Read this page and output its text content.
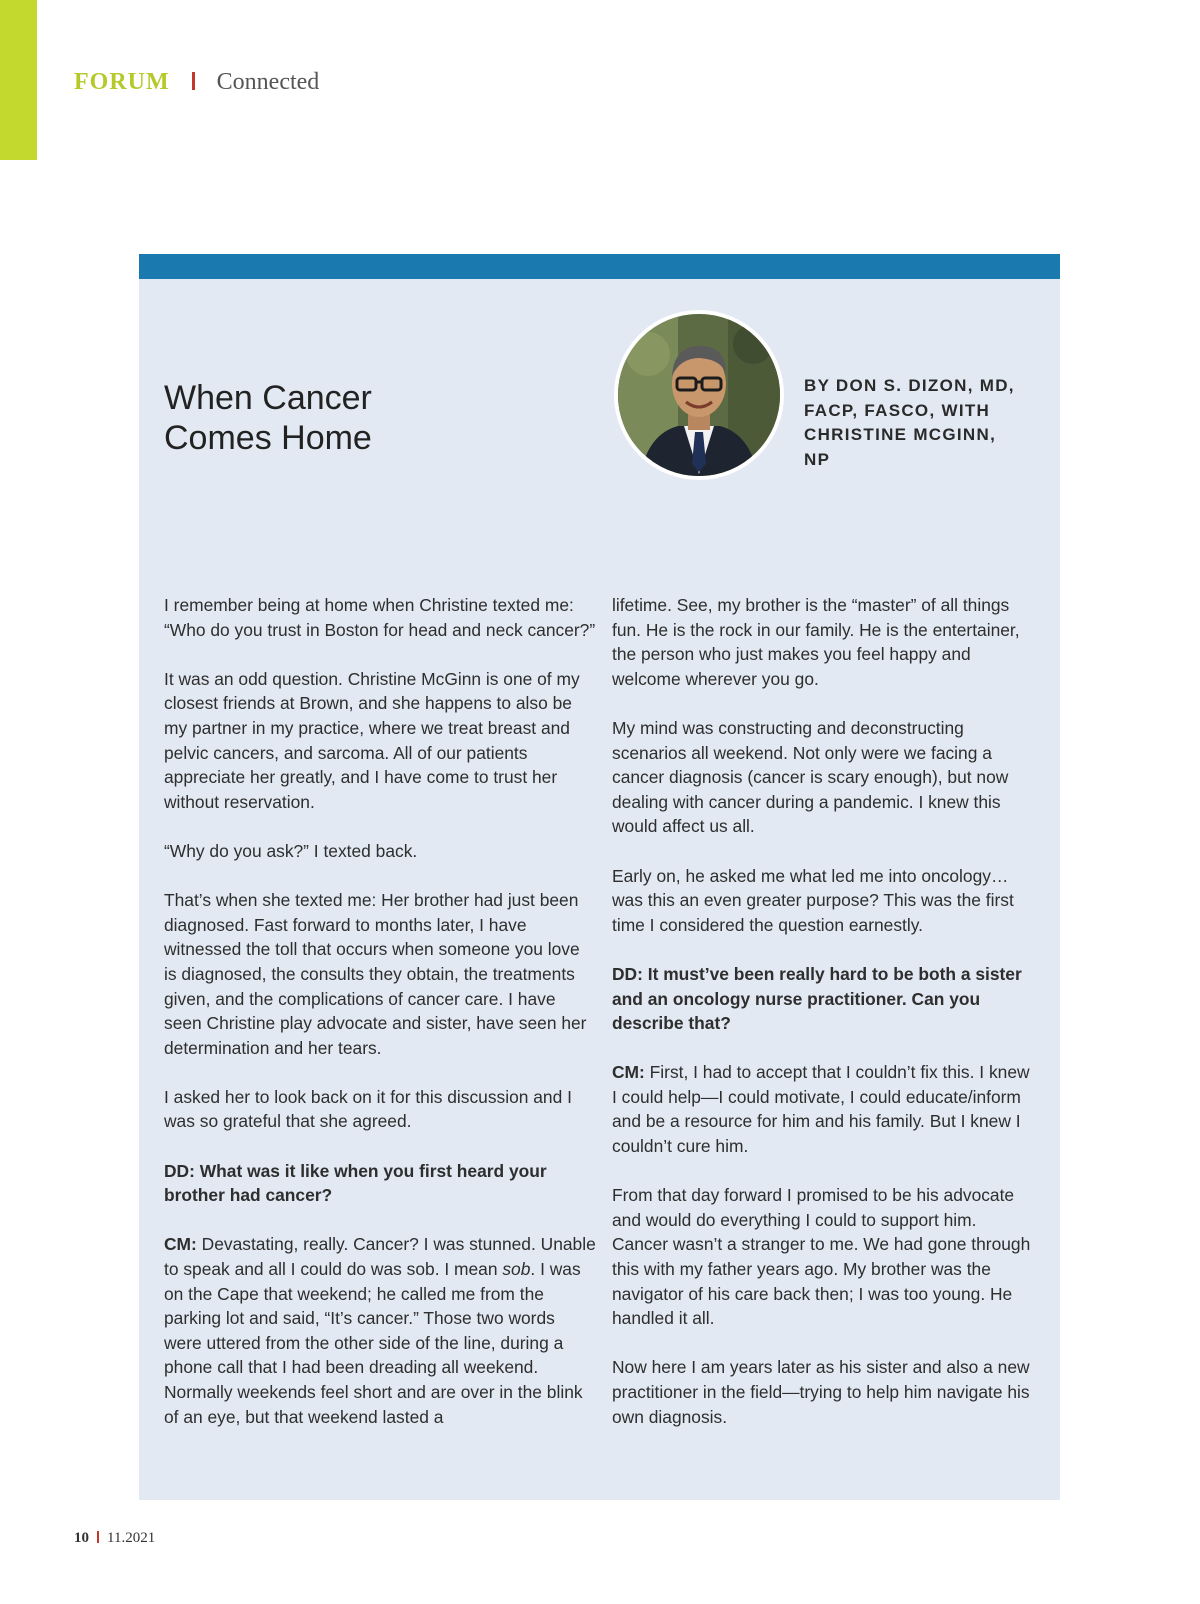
FORUM Connected
When Cancer
Comes Home
BY DON S. DIZON, MD, FACP, FASCO, WITH CHRISTINE MCGINN, NP

I remember being at home when Christine texted me: “Who do you trust in Boston for head and neck cancer?”

It was an odd question. Christine McGinn is one of my closest friends at Brown, and she happens to also be my partner in my practice, where we treat breast and pelvic cancers, and sarcoma. All of our patients appreciate her greatly, and I have come to trust her without reservation.

“Why do you ask?” I texted back.

That’s when she texted me: Her brother had just been diagnosed. Fast forward to months later, I have witnessed the toll that occurs when someone you love is diagnosed, the consults they obtain, the treatments given, and the complications of cancer care. I have seen Christine play advocate and sister, have seen her determination and her tears.

I asked her to look back on it for this discussion and I was so grateful that she agreed.

DD: What was it like when you first heard your brother had cancer?

CM: Devastating, really. Cancer? I was stunned. Unable to speak and all I could do was sob. I mean sob. I was on the Cape that weekend; he called me from the parking lot and said, “It’s cancer.” Those two words were uttered from the other side of the line, during a phone call that I had been dreading all weekend. Normally weekends feel short and are over in the blink of an eye, but that weekend lasted a

lifetime. See, my brother is the “master” of all things fun. He is the rock in our family. He is the entertainer, the person who just makes you feel happy and welcome wherever you go.

My mind was constructing and deconstructing scenarios all weekend. Not only were we facing a cancer diagnosis (cancer is scary enough), but now dealing with cancer during a pandemic. I knew this would affect us all.

Early on, he asked me what led me into oncology… was this an even greater purpose? This was the first time I considered the question earnestly.

DD: It must’ve been really hard to be both a sister and an oncology nurse practitioner. Can you describe that?

CM: First, I had to accept that I couldn’t fix this. I knew I could help—I could motivate, I could educate/inform and be a resource for him and his family. But I knew I couldn’t cure him.

From that day forward I promised to be his advocate and would do everything I could to support him. Cancer wasn’t a stranger to me. We had gone through this with my father years ago. My brother was the navigator of his care back then; I was too young. He handled it all.

Now here I am years later as his sister and also a new practitioner in the field—trying to help him navigate his own diagnosis.

10 11.2021
